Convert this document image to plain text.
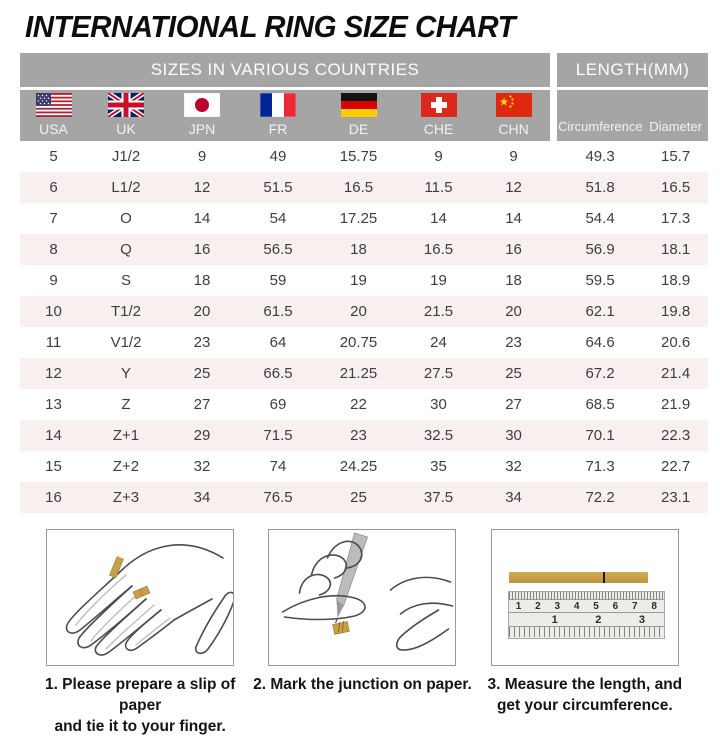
INTERNATIONAL RING SIZE CHART
SIZES IN VARIOUS COUNTRIES								LENGTH(MM)	

USA	UK	JPN	FR	DE	CHE	CHN		Circumference	Diameter
5	J1/2	9	49	15.75	9	9		49.3	15.7
6	L1/2	12	51.5	16.5	11.5	12		51.8	16.5
7	O	14	54	17.25	14	14		54.4	17.3
8	Q	16	56.5	18	16.5	16		56.9	18.1
9	S	18	59	19	19	18		59.5	18.9
10	T1/2	20	61.5	20	21.5	20		62.1	19.8
11	V1/2	23	64	20.75	24	23		64.6	20.6
12	Y	25	66.5	21.25	27.5	25		67.2	21.4
13	Z	27	69	22	30	27		68.5	21.9
14	Z+1	29	71.5	23	32.5	30		70.1	22.3
15	Z+2	32	74	24.25	35	32		71.3	22.7
16	Z+3	34	76.5	25	37.5	34		72.2	23.1
1. Please prepare a slip of paper
and tie it to your finger.
2. Mark the junction on paper.
1 2 3 4 5 6 7 8
1	2	3
3. Measure the length, and
get your circumference.
